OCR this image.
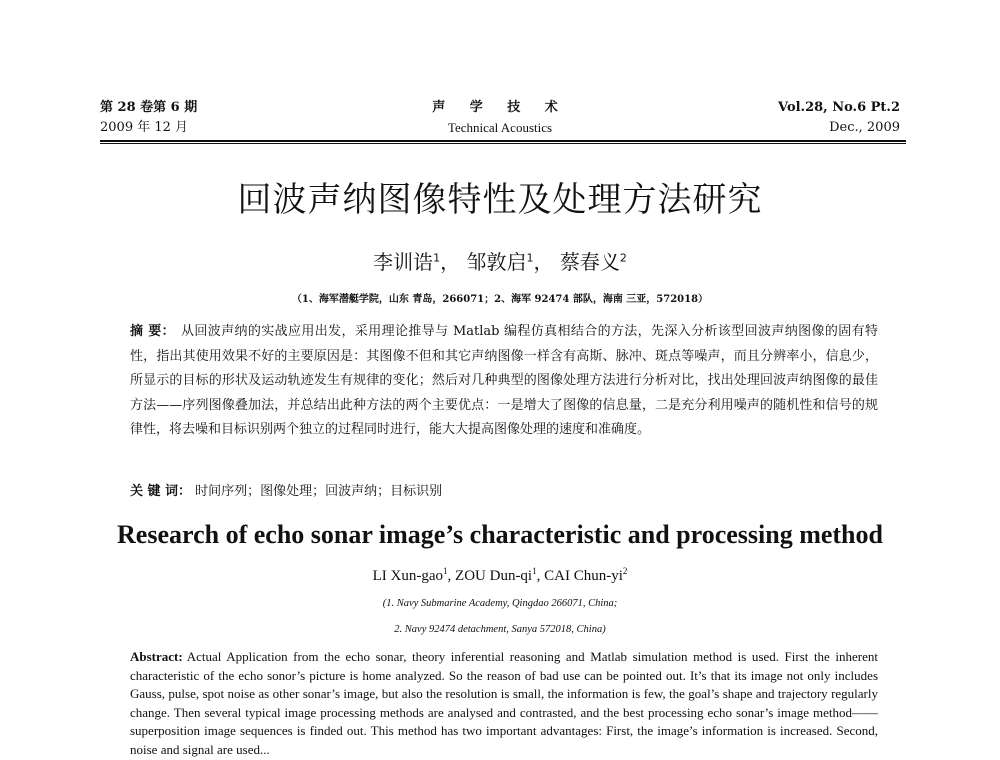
第 28 卷第 6 期
2009 年 12 月
声 学 技 术
Technical Acoustics
Vol.28, No.6 Pt.2
Dec., 2009
回波声纳图像特性及处理方法研究
李训诰$^1$， 邹敦启$^1$， 蔡春义$^2$
（1、海军潜艇学院，山东 青岛，266071；2、海军 92474 部队，海南 三亚，572018）
摘 要： 从回波声纳的实战应用出发，采用理论推导与 Matlab 编程仿真相结合的方法，先深入分析该型回波声纳图像的固有特性，指出其使用效果不好的主要原因是：其图像不但和其它声纳图像一样含有高斯、脉冲、斑点等噪声，而且分辨率小，信息少，所显示的目标的形状及运动轨迹发生有规律的变化；然后对几种典型的图像处理方法进行分析对比，找出处理回波声纳图像的最佳方法——序列图像叠加法，并总结出此种方法的两个主要优点：一是增大了图像的信息量，二是充分利用噪声的随机性和信号的规律性，将去噪和目标识别两个独立的过程同时进行，能大大提高图像处理的速度和准确度。
关 键 词： 时间序列；图像处理；回波声纳；目标识别
Research of echo sonar image’s characteristic and processing method
LI Xun-gao$^1$, ZOU Dun-$qi^1$, CAI Chun-$yi^2$
(1. Navy Submarine Academy, Qingdao 266071, China;
2. Navy 92474 detachment, Sanya 572018, China)
Abstract: Actual Application from the echo sonar, theory inferential reasoning and Matlab simulation method is used. First the inherent characteristic of the echo sonor’s picture is home analyzed. So the reason of bad use can be pointed out. It’s that its image not only includes Gauss, pulse, spot noise as other sonar’s image, but also the resolution is small, the information is few, the goal’s shape and trajectory regularly change. Then several typical image processing methods are analysed and contrasted, and the best processing echo sonar’s image method——superposition image sequences is finded out. This method has two important advantages: First, the image’s information is increased. Second, noise and signal are used...
